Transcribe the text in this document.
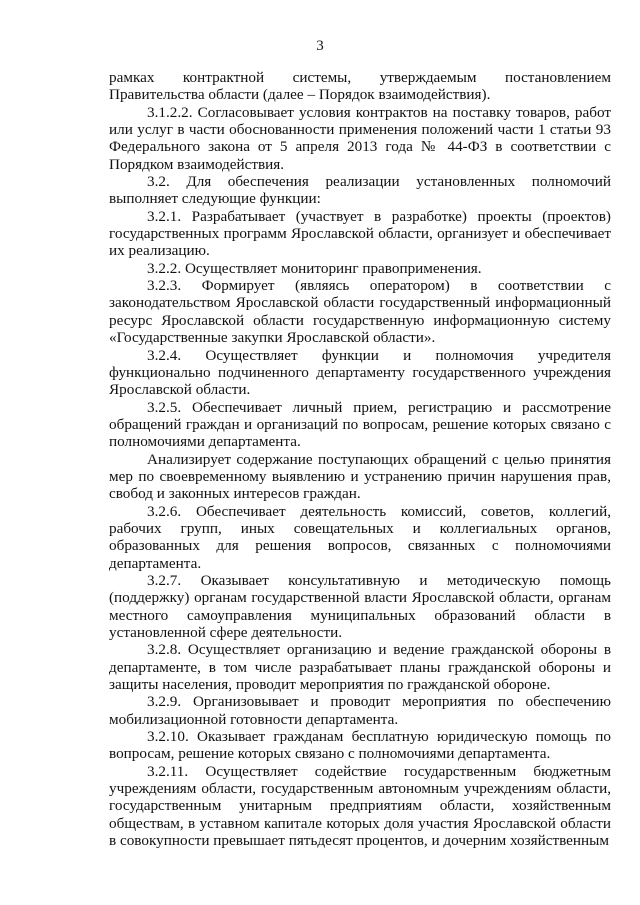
3

рамках контрактной системы, утверждаемым постановлением Правительства области (далее – Порядок взаимодействия).

3.1.2.2. Согласовывает условия контрактов на поставку товаров, работ или услуг в части обоснованности применения положений части 1 статьи 93 Федерального закона от 5 апреля 2013 года № 44-ФЗ в соответствии с Порядком взаимодействия.

3.2. Для обеспечения реализации установленных полномочий выполняет следующие функции:

3.2.1. Разрабатывает (участвует в разработке) проекты (проектов) государственных программ Ярославской области, организует и обеспечивает их реализацию.

3.2.2. Осуществляет мониторинг правоприменения.

3.2.3. Формирует (являясь оператором) в соответствии с законодательством Ярославской области государственный информационный ресурс Ярославской области государственную информационную систему «Государственные закупки Ярославской области».

3.2.4. Осуществляет функции и полномочия учредителя функционально подчиненного департаменту государственного учреждения Ярославской области.

3.2.5. Обеспечивает личный прием, регистрацию и рассмотрение обращений граждан и организаций по вопросам, решение которых связано с полномочиями департамента.

Анализирует содержание поступающих обращений с целью принятия мер по своевременному выявлению и устранению причин нарушения прав, свобод и законных интересов граждан.

3.2.6. Обеспечивает деятельность комиссий, советов, коллегий, рабочих групп, иных совещательных и коллегиальных органов, образованных для решения вопросов, связанных с полномочиями департамента.

3.2.7. Оказывает консультативную и методическую помощь (поддержку) органам государственной власти Ярославской области, органам местного самоуправления муниципальных образований области в установленной сфере деятельности.

3.2.8. Осуществляет организацию и ведение гражданской обороны в департаменте, в том числе разрабатывает планы гражданской обороны и защиты населения, проводит мероприятия по гражданской обороне.

3.2.9. Организовывает и проводит мероприятия по обеспечению мобилизационной готовности департамента.

3.2.10. Оказывает гражданам бесплатную юридическую помощь по вопросам, решение которых связано с полномочиями департамента.

3.2.11. Осуществляет содействие государственным бюджетным учреждениям области, государственным автономным учреждениям области, государственным унитарным предприятиям области, хозяйственным обществам, в уставном капитале которых доля участия Ярославской области в совокупности превышает пятьдесят процентов, и дочерним хозяйственным
